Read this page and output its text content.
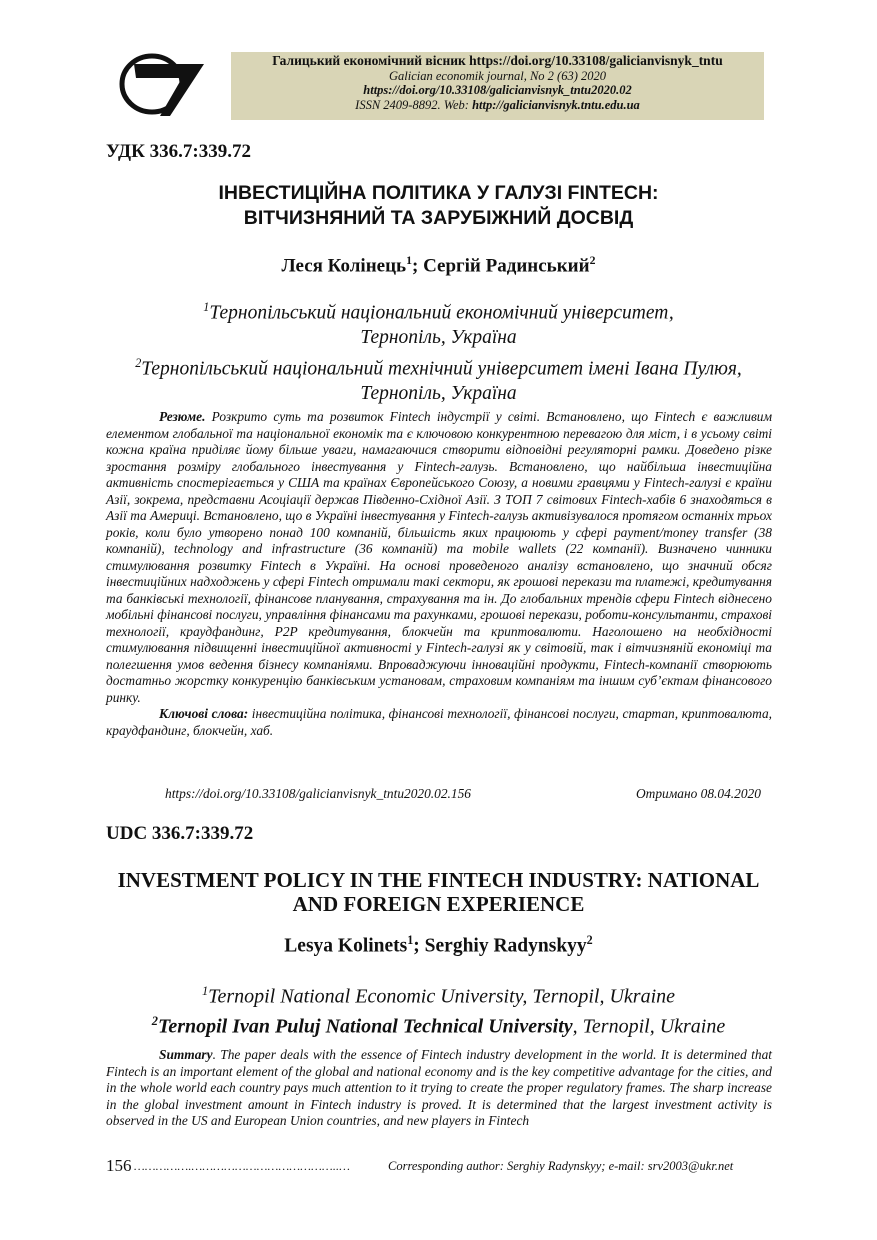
ТНТУ
Галицький економічний вісник https://doi.org/10.33108/galicianvisnyk_tntu
Galician economik journal, No 2 (63) 2020
https://doi.org/10.33108/galicianvisnyk_tntu2020.02
ISSN 2409-8892. Web: http://galicianvisnyk.tntu.edu.ua
УДК 336.7:339.72
ІНВЕСТИЦІЙНА ПОЛІТИКА У ГАЛУЗІ FINTECH:
ВІТЧИЗНЯНИЙ ТА ЗАРУБІЖНИЙ ДОСВІД
Леся Колінець$^1$; Сергій Радинський$^2$
$^1$Тернопільський національний економічний університет,
Тернопіль, Україна
$^2$Тернопільський національний технічний університет імені Івана Пулюя,
Тернопіль, Україна

Резюме. Розкрито суть та розвиток Fintech індустрії у світі. Встановлено, що Fintech є важливим елементом глобальної та національної економік та є ключовою конкурентною перевагою для міст, і в усьому світі кожна країна приділяє йому більше уваги, намагаючися створити відповідні регуляторні рамки. Доведено різке зростання розміру глобального інвестування у Fintech-галузь. Встановлено, що найбільша інвестиційна активність спостерігається у США та країнах Європейського Союзу, а новими гравцями у Fintech-галузі є країни Азії, зокрема, представни Асоціації держав Південно-Східної Азії. З ТОП 7 світових Fintech-хабів 6 знаходяться в Азії та Америці. Встановлено, що в Україні інвестування у Fintech-галузь активізувалося протягом останніх трьох років, коли було утворено понад 100 компаній, більшість яких працюють у сфері payment/money transfer (38 компаній), technology and infrastructure (36 компаній) та mobile wallets (22 компанії). Визначено чинники стимулювання розвитку Fintech в Україні. На основі проведеного аналізу встановлено, що значний обсяг інвестиційних надходжень у сфері Fintech отримали такі сектори, як грошові перекази та платежі, кредитування та банківські технології, фінансове планування, страхування та ін. До глобальних трендів сфери Fintech віднесено мобільні фінансові послуги, управління фінансами та рахунками, грошові перекази, роботи-консультанти, страхові технології, краудфандинг, P2P кредитування, блокчейн та криптовалюти. Наголошено на необхідності стимулювання підвищенні інвестиційної активності у Fintech-галузі як у світовій, так і вітчизняній економіці та полегшення умов ведення бізнесу компаніями. Впроваджуючи інноваційні продукти, Fintech-компанії створюють достатньо жорстку конкуренцію банківським установам, страховим компаніям та іншим суб’єктам фінансового ринку.

Ключові слова: інвестиційна політика, фінансові технології, фінансові послуги, стартап, криптовалюта, краудфандинг, блокчейн, хаб.

https://doi.org/10.33108/galicianvisnyk_tntu2020.02.156	Отримано 08.04.2020
UDC 336.7:339.72
INVESTMENT POLICY IN THE FINTECH INDUSTRY: NATIONAL
AND FOREIGN EXPERIENCE
Lesya Kolinets$^1$; Serghiy Radynskyy$^2$
$^1$Ternopil National Economic University, Ternopil, Ukraine
$^2$Ternopil Ivan Puluj National Technical University, Ternopil, Ukraine

Summary. The paper deals with the essence of Fintech industry development in the world. It is determined that Fintech is an important element of the global and national economy and is the key competitive advantage for the cities, and in the whole world each country pays much attention to it trying to create the proper regulatory frames. The sharp increase in the global investment amount in Fintech industry is proved. It is determined that the largest investment activity is observed in the US and European Union countries, and new players in Fintech

156 …………….…………………………………..…	Corresponding author: Serghiy Radynskyy; e-mail: srv2003@ukr.net
